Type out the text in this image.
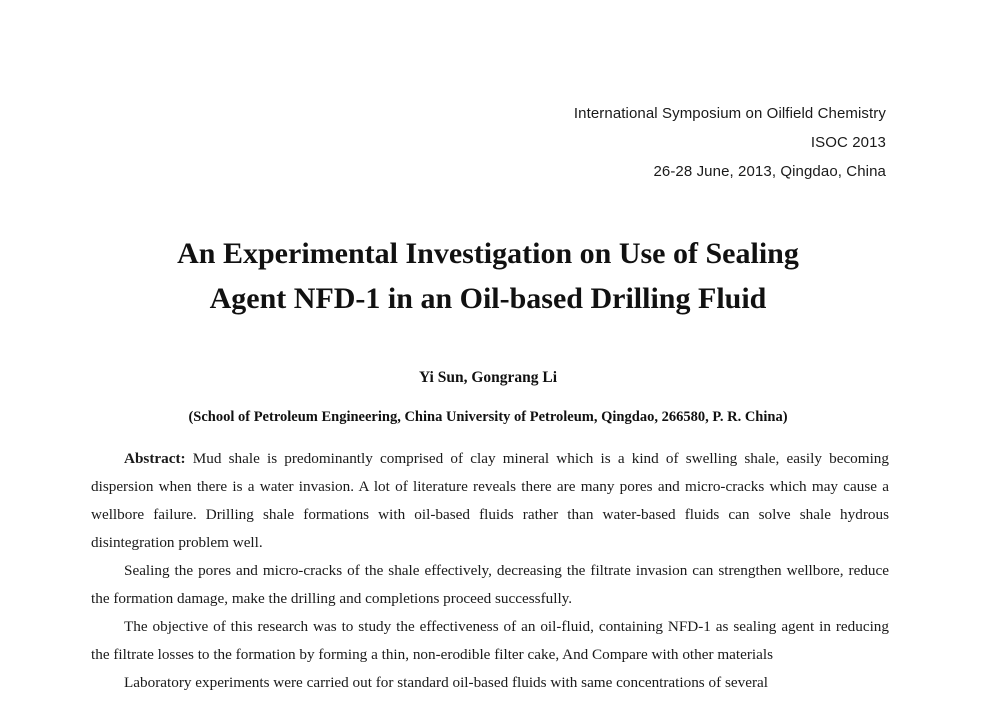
International Symposium on Oilfield Chemistry
ISOC 2013
26-28 June, 2013, Qingdao, China
An Experimental Investigation on Use of Sealing
Agent NFD-1 in an Oil-based Drilling Fluid
Yi Sun, Gongrang Li
(School of Petroleum Engineering, China University of Petroleum, Qingdao, 266580, P. R. China)

Abstract: Mud shale is predominantly comprised of clay mineral which is a kind of swelling shale, easily becoming dispersion when there is a water invasion. A lot of literature reveals there are many pores and micro-cracks which may cause a wellbore failure. Drilling shale formations with oil-based fluids rather than water-based fluids can solve shale hydrous disintegration problem well.

Sealing the pores and micro-cracks of the shale effectively, decreasing the filtrate invasion can strengthen wellbore, reduce the formation damage, make the drilling and completions proceed successfully.

The objective of this research was to study the effectiveness of an oil-fluid, containing NFD-1 as sealing agent in reducing the filtrate losses to the formation by forming a thin, non-erodible filter cake, And Compare with other materials

Laboratory experiments were carried out for standard oil-based fluids with same concentrations of several
